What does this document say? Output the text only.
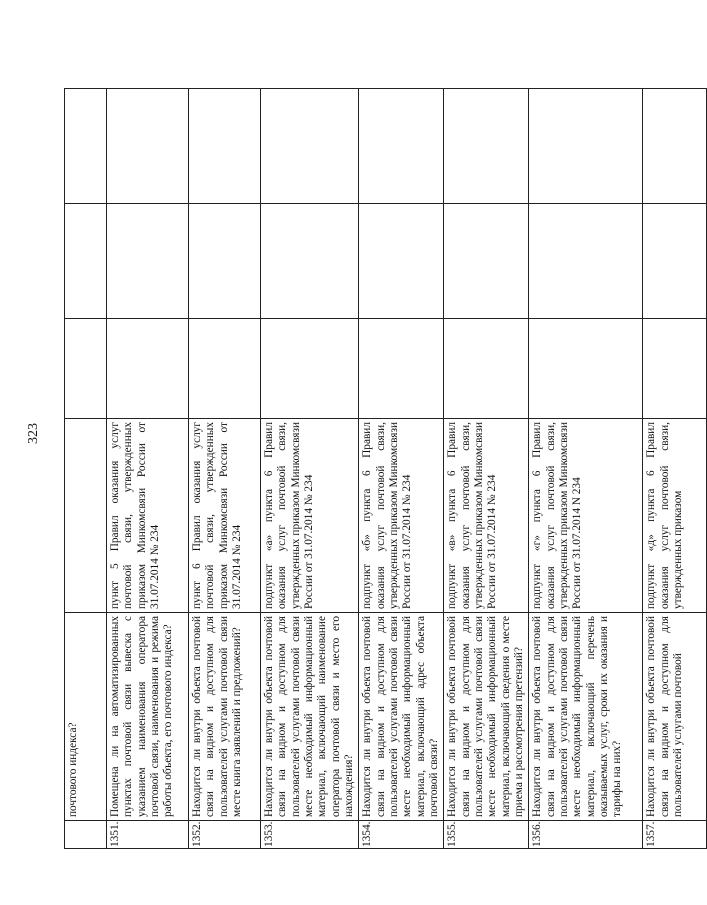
323
	почтового индекса?				
1351.	Помещена ли на автоматизированных пунктах почтовой связи вывеска с указанием наименования оператора почтовой связи, наименования и режима работы объекта, его почтового индекса?	пункт 5 Правил оказания услуг почтовой связи, утвержденных приказом Минкомсвязи России от 31.07.2014 № 234			
1352.	Находится ли внутри объекта почтовой связи на видном и доступном для пользователей услугами почтовой связи месте книга заявлений и предложений?	пункт 6 Правил оказания услуг почтовой связи, утвержденных приказом Минкомсвязи России от 31.07.2014 № 234			
1353.	Находится ли внутри объекта почтовой связи на видном и доступном для пользователей услугами почтовой связи месте необходимый информационный материал, включающий наименование оператора почтовой связи и место его нахождения?	подпункт «а» пункта 6 Правил оказания услуг почтовой связи, утвержденных приказом Минкомсвязи России от 31.07.2014 № 234			
1354.	Находится ли внутри объекта почтовой связи на видном и доступном для пользователей услугами почтовой связи месте необходимый информационный материал, включающий адрес объекта почтовой связи?	подпункт «б» пункта 6 Правил оказания услуг почтовой связи, утвержденных приказом Минкомсвязи России от 31.07.2014 № 234			
1355.	Находится ли внутри объекта почтовой связи на видном и доступном для пользователей услугами почтовой связи месте необходимый информационный материал, включающий сведения о месте приема и рассмотрения претензий?	подпункт «в» пункта 6 Правил оказания услуг почтовой связи, утвержденных приказом Минкомсвязи России от 31.07.2014 № 234			
1356.	Находится ли внутри объекта почтовой связи на видном и доступном для пользователей услугами почтовой связи месте необходимый информационный материал, включающий перечень оказываемых услуг, сроки их оказания и тарифы на них?	подпункт «г» пункта 6 Правил оказания услуг почтовой связи, утвержденных приказом Минкомсвязи России от 31.07.2014 N 234			
1357.	Находится ли внутри объекта почтовой связи на видном и доступном для пользователей услугами почтовой	подпункт «д» пункта 6 Правил оказания услуг почтовой связи, утвержденных приказом			
